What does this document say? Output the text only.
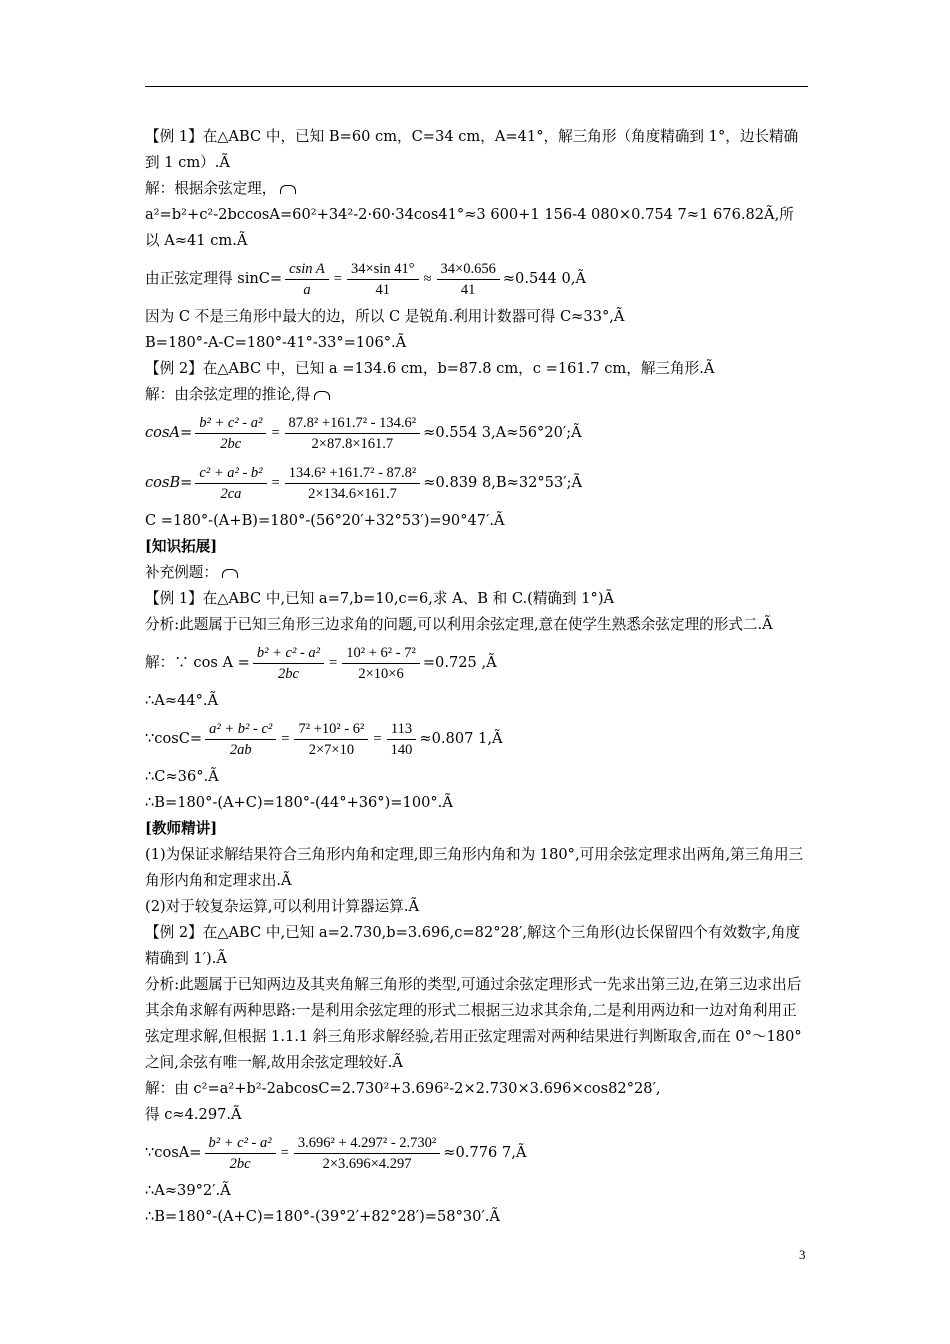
【例 1】在△ABC 中，已知 B=60 cm，C=34 cm，A=41°，解三角形（角度精确到 1°，边长精确到 1 cm）.Ã
解：根据余弦定理，
a²=b²+c²-2bccosA=60²+34²-2·60·34cos41°≈3 600+1 156-4 080×0.754 7≈1 676.82Ã,所 以 A≈41 cm.Ã
由正弦定理得 $\sin C= \frac{\text{csin A}}{a} = \frac{34\times\sin 41^\circ}{41} \approx \frac{34\times 0.656}{41} \approx 0.544$ 0,Ã
因为 C 不是三角形中最大的边，所以 C 是锐角.利用计数器可得 C≈33°,Ã
B=180°-A-C=180°-41°-33°=106°.Ã
【例 2】在△ABC 中，已知 a =134.6 cm，b=87.8 cm，c =161.7 cm，解三角形.Ã
解：由余弦定理的推论,得
$\cos A= \frac{\text{b² + c² - a²}}{2bc} = \frac{\text{87.8² +161.7² - 134.6²}}{2\times 87.8\times 161.7} \approx 0.554$ 3,A≈56°20′;Ã
$\cos B= \frac{\text{c² + a² - b²}}{2ca} = \frac{\text{134.6² +161.7² - 87.8²}}{2\times 134.6\times 161.7} \approx 0.839$ 8,B≈32°53′;Ã
C =180°-(A+B)=180°-(56°20′+32°53′)=90°47′.Ã
[知识拓展]
补充例题：
【例 1】在△ABC 中,已知 a=7,b=10,c=6,求 A、B 和 C.(精确到 1°)Ã
分析:此题属于已知三角形三边求角的问题,可以利用余弦定理,意在使学生熟悉余弦定理的形式二.Ã
解：∵ $\cos A = \frac{\text{b² + c² - a²}}{2bc} = \frac{\text{10² + 6² - 7²}}{2\times 10\times 6} =0.725$ ,Ã
∴A≈44°.Ã
∵cosC= $\frac{\text{a² + b² - c²}}{2ab} = \frac{\text{7² +10² - 6²}}{2\times 7\times 10} = \frac{113}{140} \approx 0.807$ 1,Ã
∴C≈36°.Ã
∴B=180°-(A+C)=180°-(44°+36°)=100°.Ã
[教师精讲]
(1)为保证求解结果符合三角形内角和定理,即三角形内角和为 180°,可用余弦定理求出两角,第三角用三角形内角和定理求出.Ã
(2)对于较复杂运算,可以利用计算器运算.Ã
【例 2】在△ABC 中,已知 a=2.730,b=3.696,c=82°28′,解这个三角形(边长保留四个有效数字,角度精确到 1′).Ã
分析:此题属于已知两边及其夹角解三角形的类型,可通过余弦定理形式一先求出第三边,在第三边求出后其余角求解有两种思路:一是利用余弦定理的形式二根据三边求其余角,二是利用两边和一边对角利用正弦定理求解,但根据 1.1.1 斜三角形求解经验,若用正弦定理需对两种结果进行判断取舍,而在 0°～180°之间,余弦有唯一解,故用余弦定理较好.Ã
解：由 c²=a²+b²-2abcosC=2.730²+3.696²-2×2.730×3.696×cos82°28′,
得 c≈4.297.Ã
∵cosA= $\frac{\text{b² + c² - a²}}{2bc} = \frac{\text{3.696² + 4.297² - 2.730²}}{2\times 3.696\times 4.297} \approx 0.776$ 7,Ã
∴A≈39°2′.Ã
∴B=180°-(A+C)=180°-(39°2′+82°28′)=58°30′.Ã
3
